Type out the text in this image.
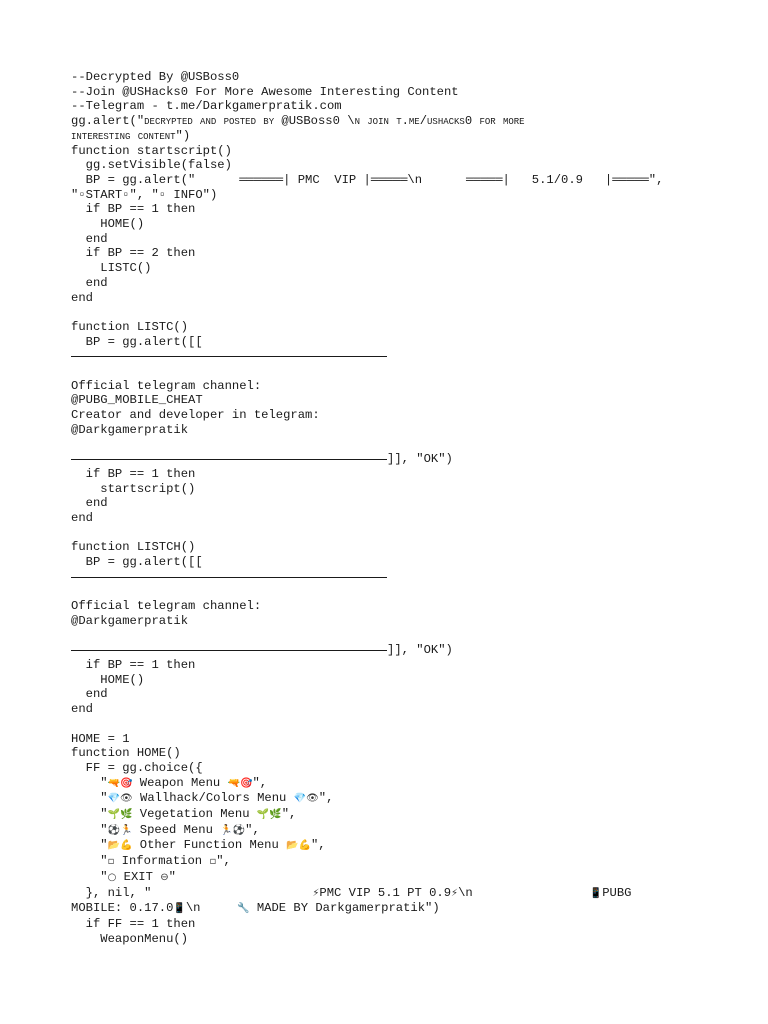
--Decrypted By @USBoss0
--Join @USHacks0 For More Awesome Interesting Content
--Telegram - t.me/Darkgamerpratik.com
gg.alert("decrypted and posted by @USBoss0 \n join t.me/ushacks0 for more
interesting content")
function startscript()
gg.setVisible(false)
BP = gg.alert("      ══════| PMC  VIP |═════\n      ═════|   5.1/0.9   |═════",
"▫START▫", "▫ INFO")
if BP == 1 then
HOME()
end
if BP == 2 then
LISTC()
end
end
function LISTC()
BP = gg.alert([[
Official telegram channel:
@PUBG_MOBILE_CHEAT
Creator and developer in telegram:
@Darkgamerpratik
]], "OK")
if BP == 1 then
startscript()
end
end
function LISTCH()
BP = gg.alert([[
Official telegram channel:
@Darkgamerpratik
]], "OK")
if BP == 1 then
HOME()
end
end
HOME = 1
function HOME()
FF = gg.choice({
"🔫🎯 Weapon Menu 🔫🎯",
"💎👁 Wallhack/Colors Menu 💎👁",
"🌱🌿 Vegetation Menu 🌱🌿",
"⚽🏃 Speed Menu 🏃⚽",
"📂💪 Other Function Menu 📂💪",
"▫ Information ▫",
"○ EXIT ⊖"
}, nil, "                      ⚡PMC VIP 5.1 PT 0.9⚡\n                📱PUBG
MOBILE: 0.17.0📱\n     🔧 MADE BY Darkgamerpratik")
if FF == 1 then
WeaponMenu()
